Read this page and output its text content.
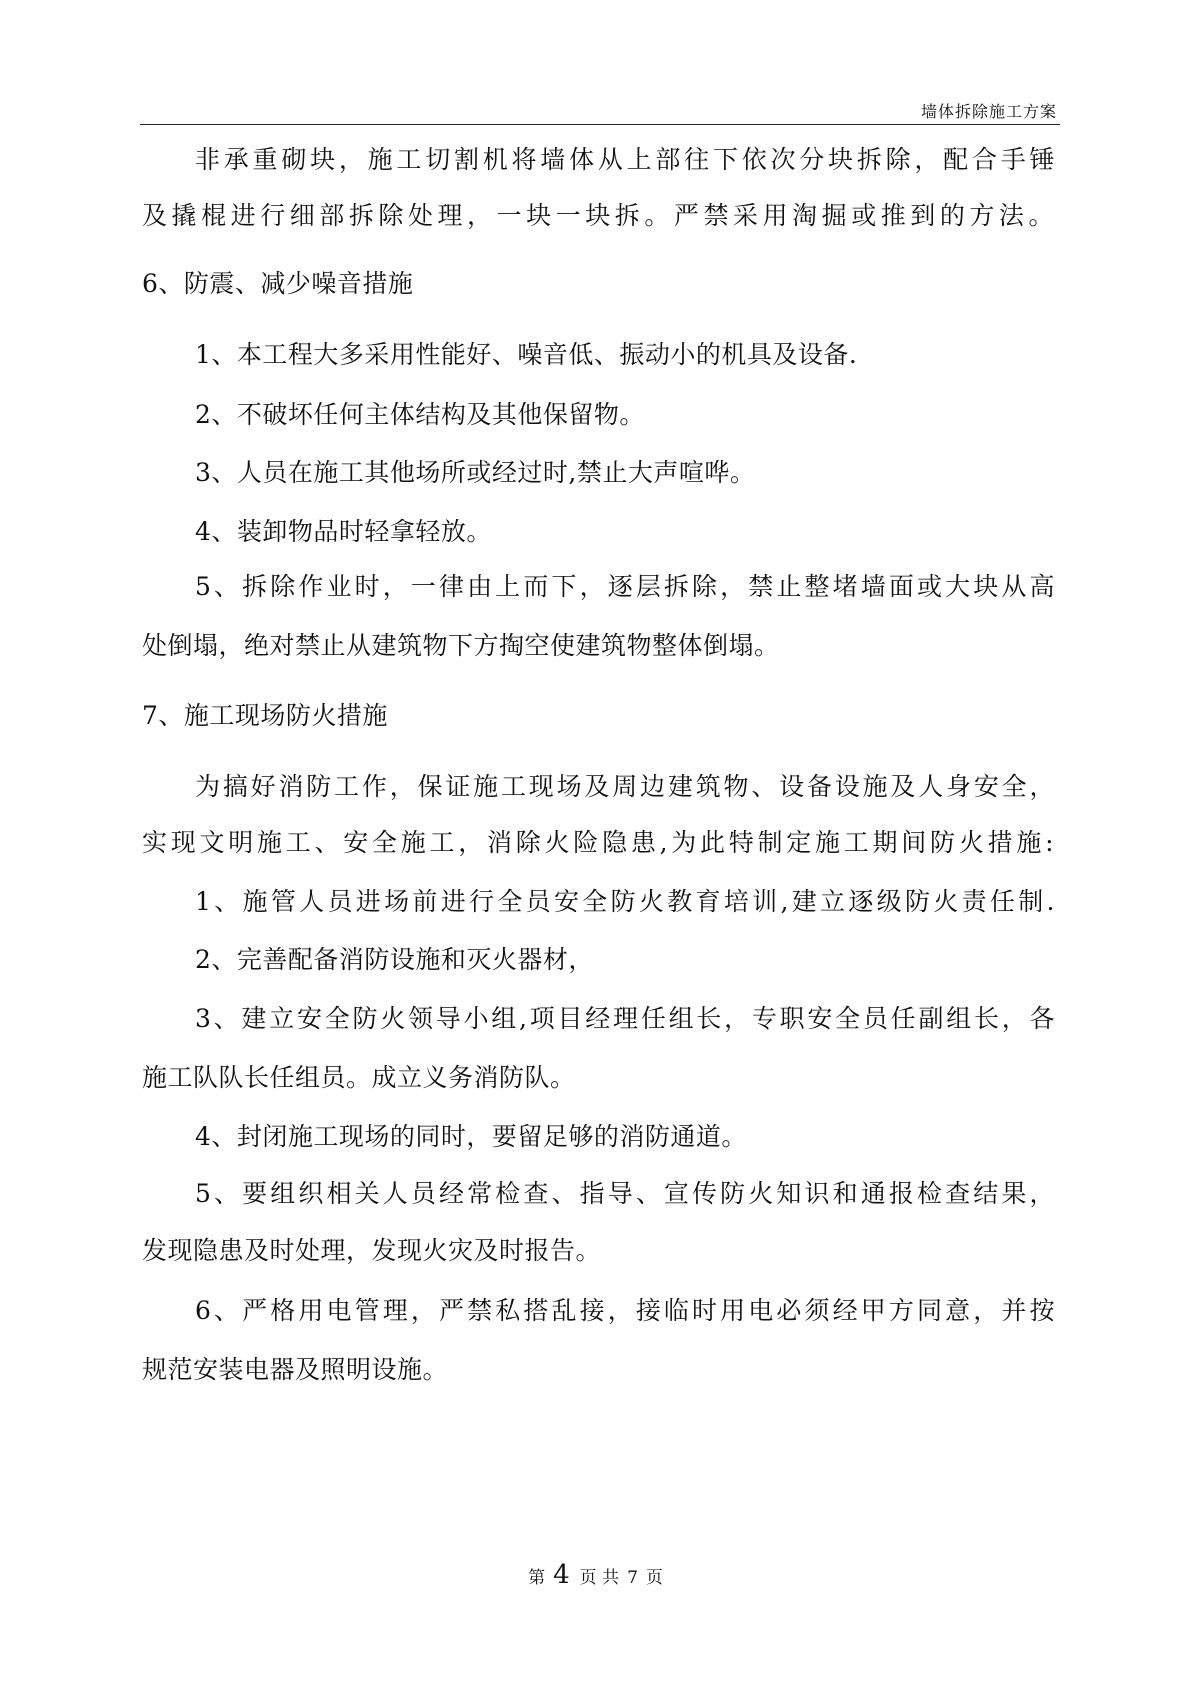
墙体拆除施工方案
非承重砌块，施工切割机将墙体从上部往下依次分块拆除，配合手锤
及撬棍进行细部拆除处理，一块一块拆。严禁采用淘掘或推到的方法。
6、防震、减少噪音措施
1、本工程大多采用性能好、噪音低、振动小的机具及设备.
2、不破坏任何主体结构及其他保留物。
3、人员在施工其他场所或经过时,禁止大声喧哗。
4、装卸物品时轻拿轻放。
5、拆除作业时，一律由上而下，逐层拆除，禁止整堵墙面或大块从高
处倒塌，绝对禁止从建筑物下方掏空使建筑物整体倒塌。
7、施工现场防火措施
为搞好消防工作，保证施工现场及周边建筑物、设备设施及人身安全，
实现文明施工、安全施工，消除火险隐患,为此特制定施工期间防火措施:
1、施管人员进场前进行全员安全防火教育培训,建立逐级防火责任制.
2、完善配备消防设施和灭火器材，
3、建立安全防火领导小组,项目经理任组长，专职安全员任副组长，各
施工队队长任组员。成立义务消防队。
4、封闭施工现场的同时，要留足够的消防通道。
5、要组织相关人员经常检查、指导、宣传防火知识和通报检查结果，
发现隐患及时处理，发现火灾及时报告。
6、严格用电管理，严禁私搭乱接，接临时用电必须经甲方同意，并按
规范安装电器及照明设施。
第 4 页 共 7 页
